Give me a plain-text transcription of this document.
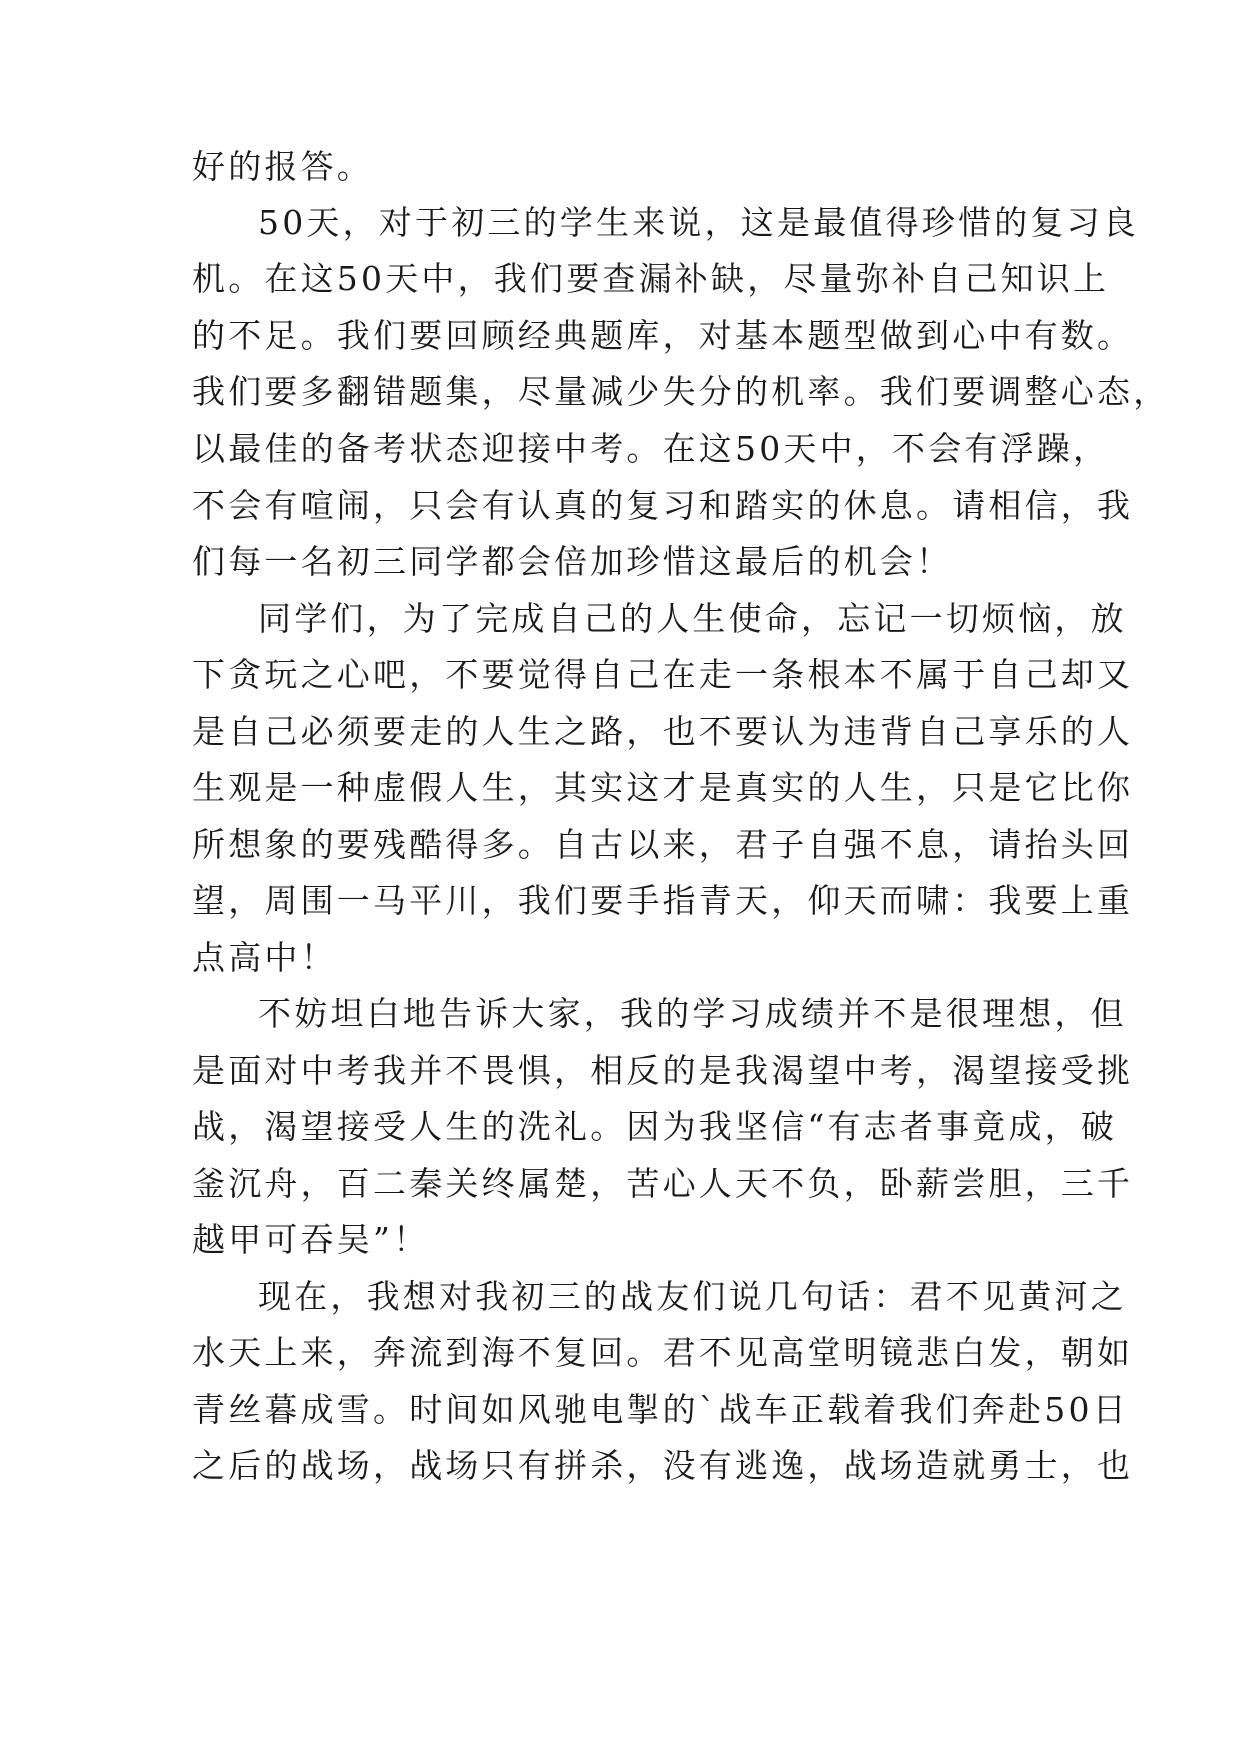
好的报答。
50天，对于初三的学生来说，这是最值得珍惜的复习良
机。在这50天中，我们要查漏补缺，尽量弥补自己知识上
的不足。我们要回顾经典题库，对基本题型做到心中有数。
我们要多翻错题集，尽量减少失分的机率。我们要调整心态，
以最佳的备考状态迎接中考。在这50天中，不会有浮躁，
不会有喧闹，只会有认真的复习和踏实的休息。请相信，我
们每一名初三同学都会倍加珍惜这最后的机会！
同学们，为了完成自己的人生使命，忘记一切烦恼，放
下贪玩之心吧，不要觉得自己在走一条根本不属于自己却又
是自己必须要走的人生之路，也不要认为违背自己享乐的人
生观是一种虚假人生，其实这才是真实的人生，只是它比你
所想象的要残酷得多。自古以来，君子自强不息，请抬头回
望，周围一马平川，我们要手指青天，仰天而啸：我要上重
点高中！
不妨坦白地告诉大家，我的学习成绩并不是很理想，但
是面对中考我并不畏惧，相反的是我渴望中考，渴望接受挑
战，渴望接受人生的洗礼。因为我坚信“有志者事竟成，破
釜沉舟，百二秦关终属楚，苦心人天不负，卧薪尝胆，三千
越甲可吞吴”！
现在，我想对我初三的战友们说几句话：君不见黄河之
水天上来，奔流到海不复回。君不见高堂明镜悲白发，朝如
青丝暮成雪。时间如风驰电掣的`战车正载着我们奔赴50日
之后的战场，战场只有拼杀，没有逃逸，战场造就勇士，也
